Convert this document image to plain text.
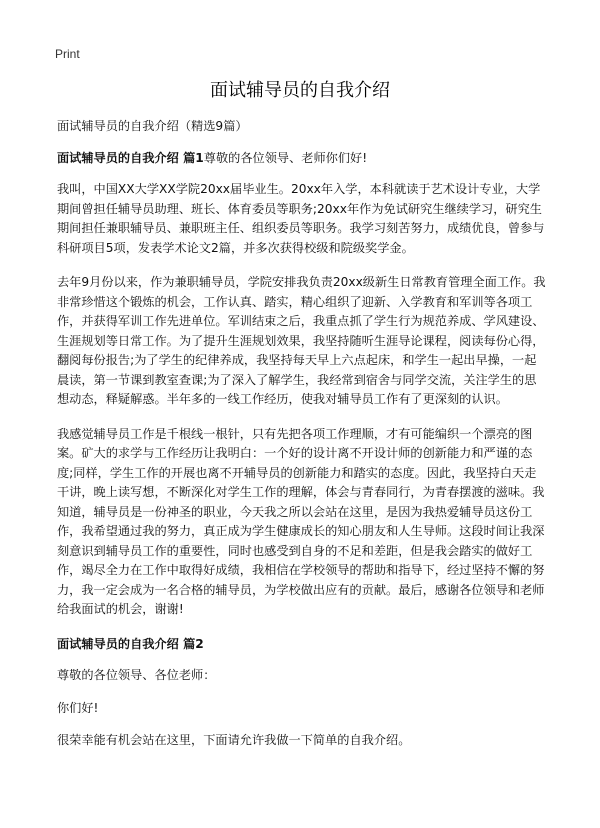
Print
面试辅导员的自我介绍

面试辅导员的自我介绍（精选9篇）

面试辅导员的自我介绍 篇1尊敬的各位领导、老师你们好!

我叫，中国XX大学XX学院20xx届毕业生。20xx年入学，本科就读于艺术设计专业，大学期间曾担任辅导员助理、班长、体育委员等职务;20xx年作为免试研究生继续学习，研究生期间担任兼职辅导员、兼职班主任、组织委员等职务。我学习刻苦努力，成绩优良，曾参与科研项目5项，发表学术论文2篇，并多次获得校级和院级奖学金。

去年9月份以来，作为兼职辅导员，学院安排我负责20xx级新生日常教育管理全面工作。我非常珍惜这个锻炼的机会，工作认真、踏实，精心组织了迎新、入学教育和军训等各项工作，并获得军训工作先进单位。军训结束之后，我重点抓了学生行为规范养成、学风建设、生涯规划等日常工作。为了提升生涯规划效果，我坚持随听生涯导论课程，阅读每份心得，翻阅每份报告;为了学生的纪律养成，我坚持每天早上六点起床，和学生一起出早操，一起晨读，第一节课到教室查课;为了深入了解学生，我经常到宿舍与同学交流，关注学生的思想动态，释疑解惑。半年多的一线工作经历，使我对辅导员工作有了更深刻的认识。

我感觉辅导员工作是千根线一根针，只有先把各项工作理顺，才有可能编织一个漂亮的图案。矿大的求学与工作经历让我明白：一个好的设计离不开设计师的创新能力和严谨的态度;同样，学生工作的开展也离不开辅导员的创新能力和踏实的态度。因此，我坚持白天走干讲，晚上读写想，不断深化对学生工作的理解，体会与青春同行，为青春摆渡的滋味。我知道，辅导员是一份神圣的职业，今天我之所以会站在这里，是因为我热爱辅导员这份工作，我希望通过我的努力，真正成为学生健康成长的知心朋友和人生导师。这段时间让我深刻意识到辅导员工作的重要性，同时也感受到自身的不足和差距，但是我会踏实的做好工作，竭尽全力在工作中取得好成绩，我相信在学校领导的帮助和指导下，经过坚持不懈的努力，我一定会成为一名合格的辅导员，为学校做出应有的贡献。最后，感谢各位领导和老师给我面试的机会，谢谢!

面试辅导员的自我介绍 篇2

尊敬的各位领导、各位老师：

你们好!

很荣幸能有机会站在这里，下面请允许我做一下简单的自我介绍。
